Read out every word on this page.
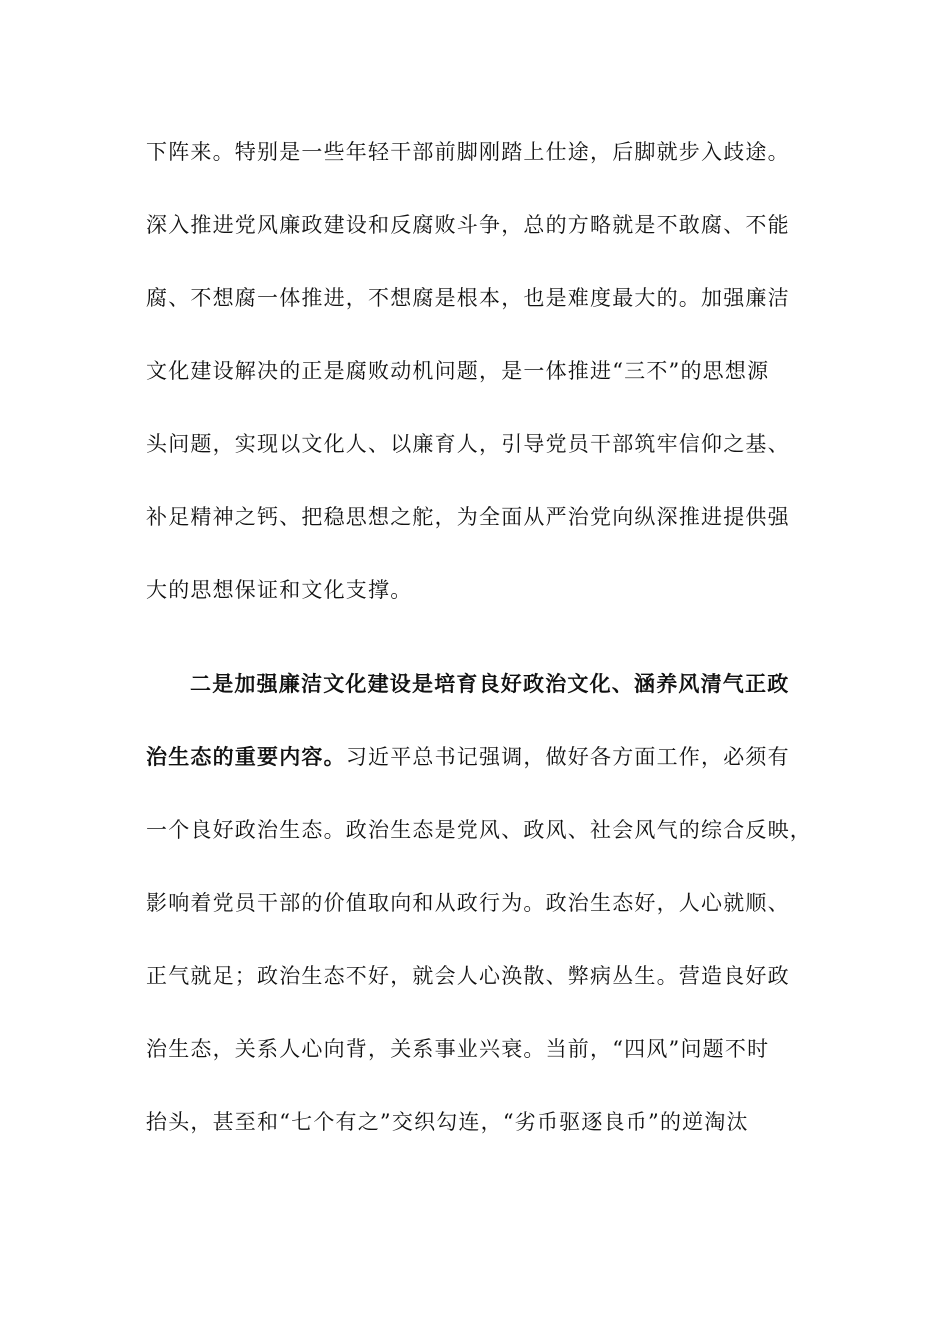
下阵来。特别是一些年轻干部前脚刚踏上仕途，后脚就步入歧途。
深入推进党风廉政建设和反腐败斗争，总的方略就是不敢腐、不能
腐、不想腐一体推进，不想腐是根本，也是难度最大的。加强廉洁
文化建设解决的正是腐败动机问题，是一体推进“三不”的思想源
头问题，实现以文化人、以廉育人，引导党员干部筑牢信仰之基、
补足精神之钙、把稳思想之舵，为全面从严治党向纵深推进提供强
大的思想保证和文化支撑。
二是加强廉洁文化建设是培育良好政治文化、涵养风清气正政
治生态的重要内容。习近平总书记强调，做好各方面工作，必须有
一个良好政治生态。政治生态是党风、政风、社会风气的综合反映，
影响着党员干部的价值取向和从政行为。政治生态好，人心就顺、
正气就足；政治生态不好，就会人心涣散、弊病丛生。营造良好政
治生态，关系人心向背，关系事业兴衰。当前，“四风”问题不时
抬头，甚至和“七个有之”交织勾连，“劣币驱逐良币”的逆淘汰
